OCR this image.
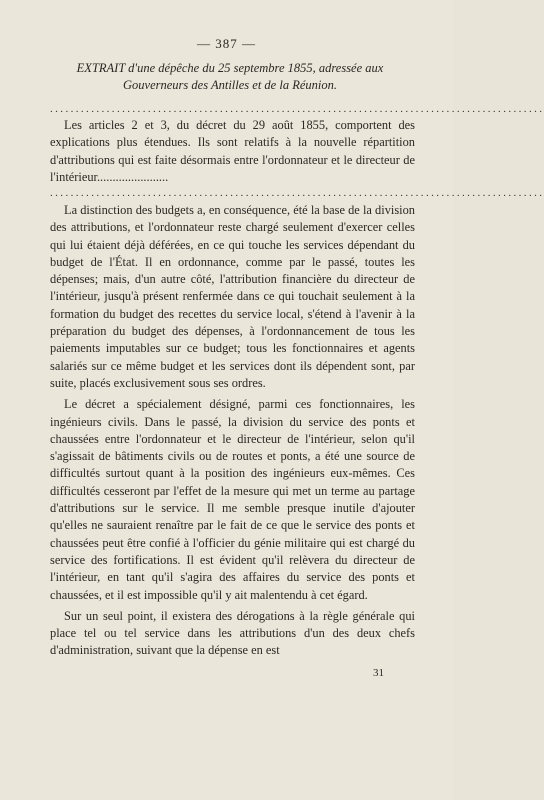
— 387 —
EXTRAIT d'une dépêche du 25 septembre 1855, adressée aux
Gouverneurs des Antilles et de la Réunion.
................................................................................................

Les articles 2 et 3, du décret du 29 août 1855, comportent des explications plus étendues. Ils sont relatifs à la nouvelle répartition d'attributions qui est faite désormais entre l'ordonnateur et le directeur de l'intérieur.......................

................................................................................................

La distinction des budgets a, en conséquence, été la base de la division des attributions, et l'ordonnateur reste chargé seulement d'exercer celles qui lui étaient déjà déférées, en ce qui touche les services dépendant du budget de l'État. Il en ordonnance, comme par le passé, toutes les dépenses; mais, d'un autre côté, l'attribution financière du directeur de l'intérieur, jusqu'à présent renfermée dans ce qui touchait seulement à la formation du budget des recettes du service local, s'étend à l'avenir à la préparation du budget des dépenses, à l'ordonnancement de tous les paiements imputables sur ce budget; tous les fonctionnaires et agents salariés sur ce même budget et les services dont ils dépendent sont, par suite, placés exclusivement sous ses ordres.

Le décret a spécialement désigné, parmi ces fonctionnaires, les ingénieurs civils. Dans le passé, la division du service des ponts et chaussées entre l'ordonnateur et le directeur de l'intérieur, selon qu'il s'agissait de bâtiments civils ou de routes et ponts, a été une source de difficultés surtout quant à la position des ingénieurs eux-mêmes. Ces difficultés cesseront par l'effet de la mesure qui met un terme au partage d'attributions sur le service. Il me semble presque inutile d'ajouter qu'elles ne sauraient renaître par le fait de ce que le service des ponts et chaussées peut être confié à l'officier du génie militaire qui est chargé du service des fortifications. Il est évident qu'il relèvera du directeur de l'intérieur, en tant qu'il s'agira des affaires du service des ponts et chaussées, et il est impossible qu'il y ait malentendu à cet égard.

Sur un seul point, il existera des dérogations à la règle générale qui place tel ou tel service dans les attributions d'un des deux chefs d'administration, suivant que la dépense en est

31
